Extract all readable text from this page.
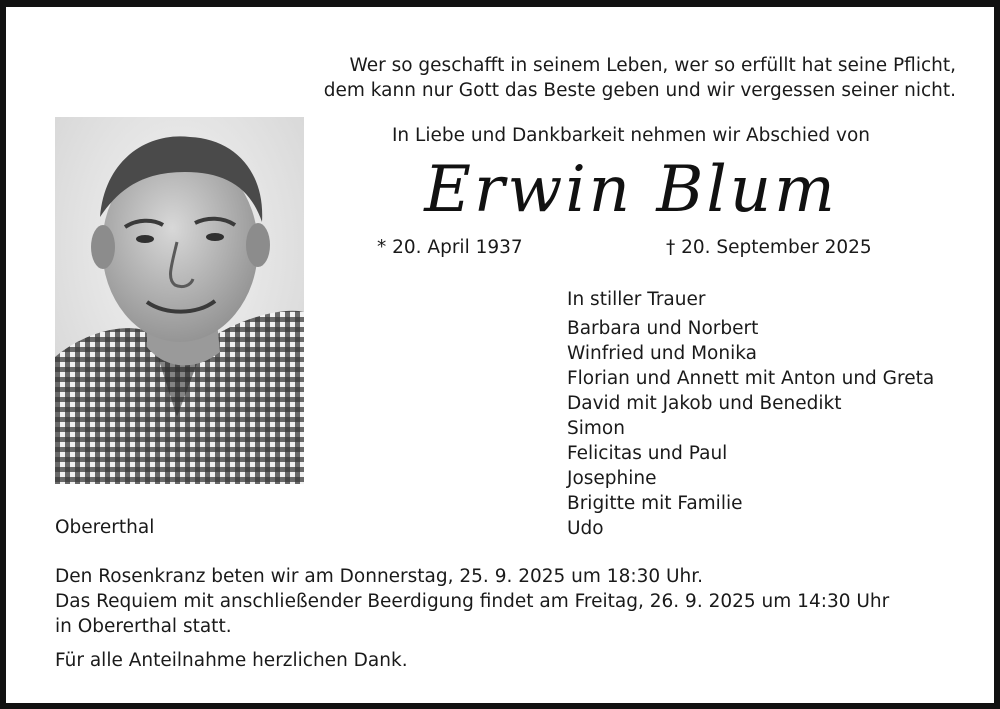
Wer so geschafft in seinem Leben, wer so erfüllt hat seine Pflicht,

dem kann nur Gott das Beste geben und wir vergessen seiner nicht.

In Liebe und Dankbarkeit nehmen wir Abschied von

Erwin Blum

* 20. April 1937	† 20. September 2025

In stiller Trauer

Barbara und Norbert
Winfried und Monika
Florian und Annett mit Anton und Greta
David mit Jakob und Benedikt
Simon
Felicitas und Paul
Josephine
Brigitte mit Familie
Udo

Obererthal

Den Rosenkranz beten wir am Donnerstag, 25. 9. 2025 um 18:30 Uhr.

Das Requiem mit anschließender Beerdigung findet am Freitag, 26. 9. 2025 um 14:30 Uhr

in Obererthal statt.

Für alle Anteilnahme herzlichen Dank.
